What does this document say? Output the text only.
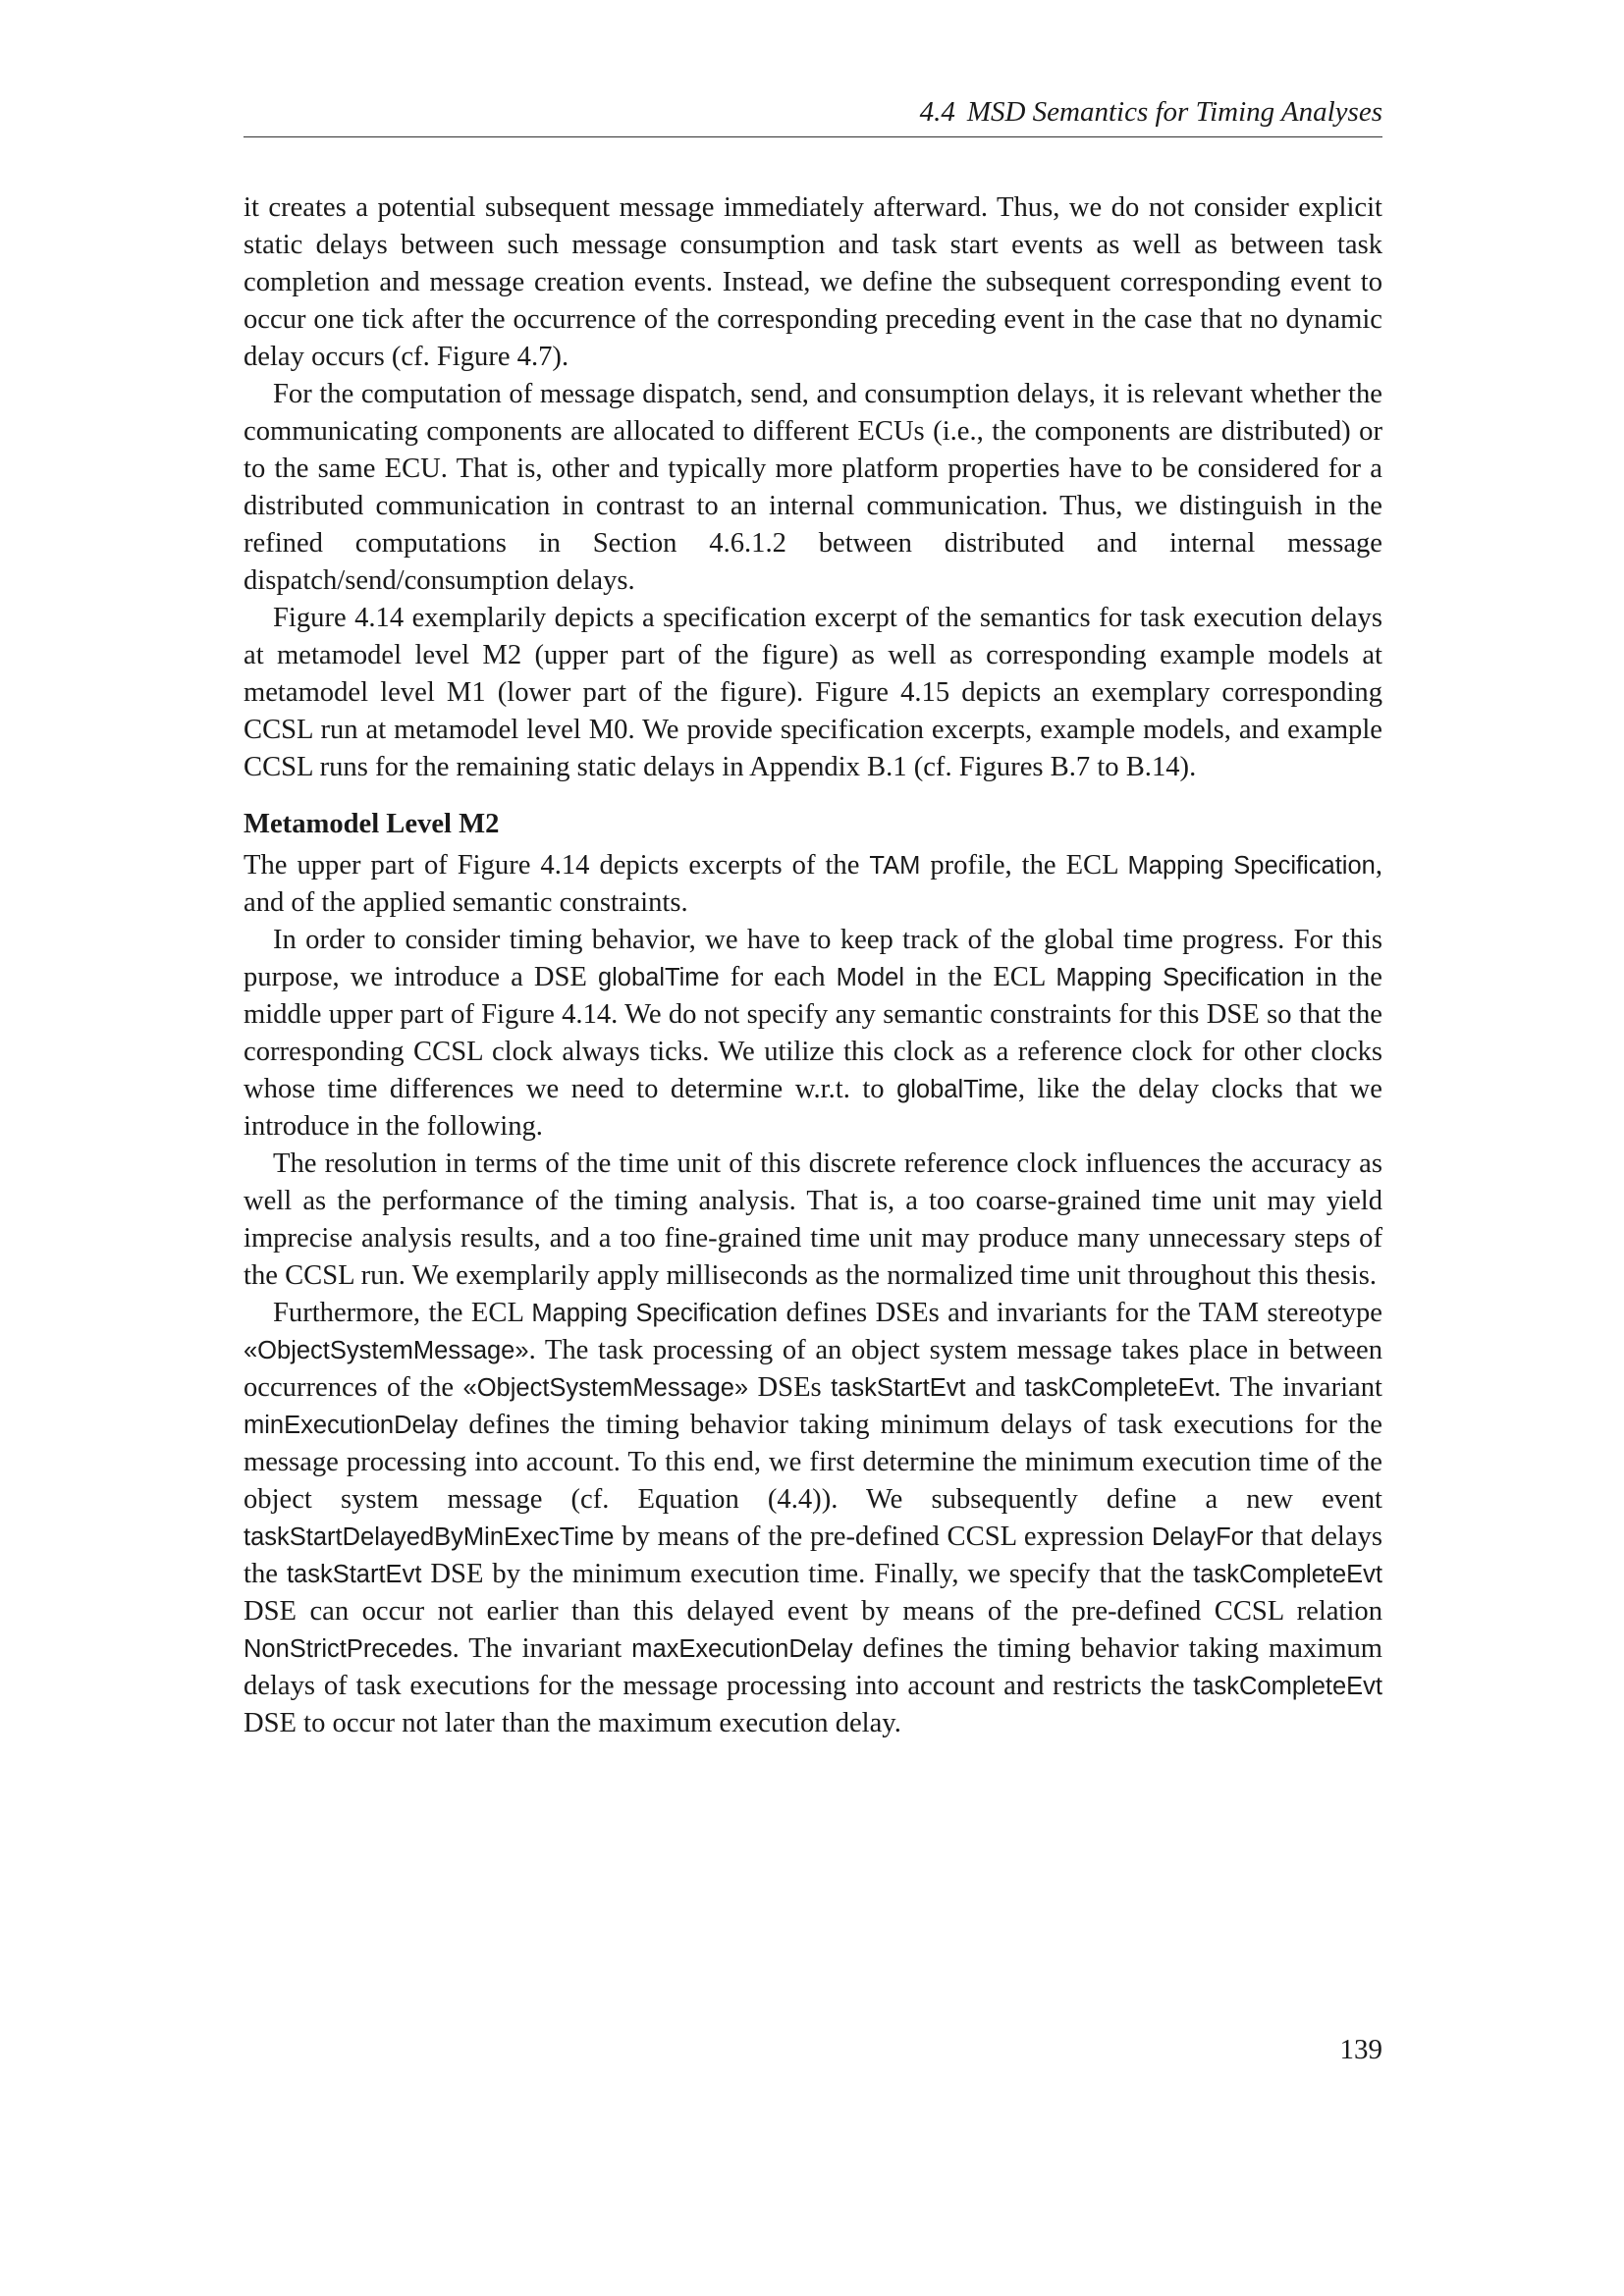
4.4 MSD Semantics for Timing Analyses

it creates a potential subsequent message immediately afterward. Thus, we do not consider explicit static delays between such message consumption and task start events as well as between task completion and message creation events. Instead, we define the subsequent corresponding event to occur one tick after the occurrence of the corresponding preceding event in the case that no dynamic delay occurs (cf. Figure 4.7).

For the computation of message dispatch, send, and consumption delays, it is relevant whether the communicating components are allocated to different ECUs (i.e., the components are distributed) or to the same ECU. That is, other and typically more platform properties have to be considered for a distributed communication in contrast to an internal communication. Thus, we distinguish in the refined computations in Section 4.6.1.2 between distributed and internal message dispatch/send/consumption delays.

Figure 4.14 exemplarily depicts a specification excerpt of the semantics for task execution delays at metamodel level M2 (upper part of the figure) as well as corresponding example models at metamodel level M1 (lower part of the figure). Figure 4.15 depicts an exemplary corresponding CCSL run at metamodel level M0. We provide specification excerpts, example models, and example CCSL runs for the remaining static delays in Appendix B.1 (cf. Figures B.7 to B.14).

Metamodel Level M2

The upper part of Figure 4.14 depicts excerpts of the TAM profile, the ECL Mapping Specification, and of the applied semantic constraints.

In order to consider timing behavior, we have to keep track of the global time progress. For this purpose, we introduce a DSE globalTime for each Model in the ECL Mapping Specification in the middle upper part of Figure 4.14. We do not specify any semantic constraints for this DSE so that the corresponding CCSL clock always ticks. We utilize this clock as a reference clock for other clocks whose time differences we need to determine w.r.t. to globalTime, like the delay clocks that we introduce in the following.

The resolution in terms of the time unit of this discrete reference clock influences the accuracy as well as the performance of the timing analysis. That is, a too coarse-grained time unit may yield imprecise analysis results, and a too fine-grained time unit may produce many unnecessary steps of the CCSL run. We exemplarily apply milliseconds as the normalized time unit throughout this thesis.

Furthermore, the ECL Mapping Specification defines DSEs and invariants for the TAM stereotype «ObjectSystemMessage». The task processing of an object system message takes place in between occurrences of the «ObjectSystemMessage» DSEs taskStartEvt and taskCompleteEvt. The invariant minExecutionDelay defines the timing behavior taking minimum delays of task executions for the message processing into account. To this end, we first determine the minimum execution time of the object system message (cf. Equation (4.4)). We subsequently define a new event taskStartDelayedByMinExecTime by means of the pre-defined CCSL expression DelayFor that delays the taskStartEvt DSE by the minimum execution time. Finally, we specify that the taskCompleteEvt DSE can occur not earlier than this delayed event by means of the pre-defined CCSL relation NonStrictPrecedes. The invariant maxExecutionDelay defines the timing behavior taking maximum delays of task executions for the message processing into account and restricts the taskCompleteEvt DSE to occur not later than the maximum execution delay.

139
